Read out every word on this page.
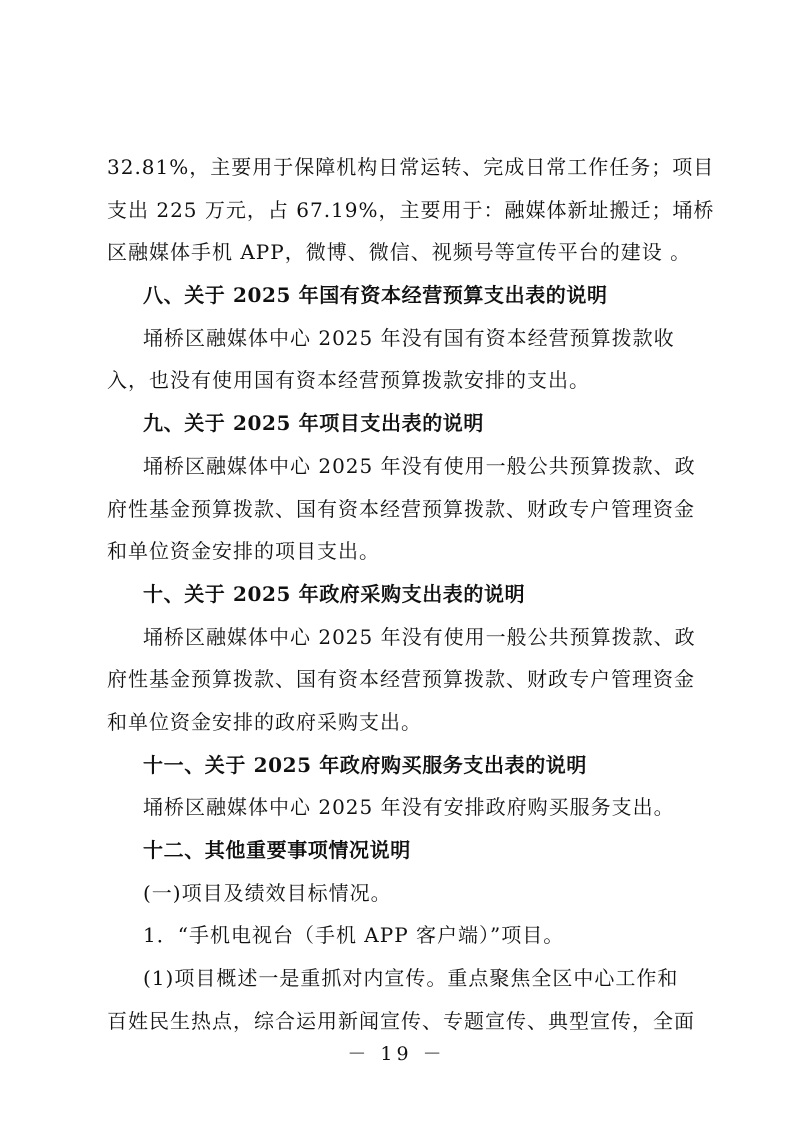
32.81%，主要用于保障机构日常运转、完成日常工作任务；项目
支出 225 万元，占 67.19%，主要用于：融媒体新址搬迁；埇桥
区融媒体手机 APP，微博、微信、视频号等宣传平台的建设 。
八、关于 2025 年国有资本经营预算支出表的说明
埇桥区融媒体中心 2025 年没有国有资本经营预算拨款收
入，也没有使用国有资本经营预算拨款安排的支出。
九、关于 2025 年项目支出表的说明
埇桥区融媒体中心 2025 年没有使用一般公共预算拨款、政
府性基金预算拨款、国有资本经营预算拨款、财政专户管理资金
和单位资金安排的项目支出。
十、关于 2025 年政府采购支出表的说明
埇桥区融媒体中心 2025 年没有使用一般公共预算拨款、政
府性基金预算拨款、国有资本经营预算拨款、财政专户管理资金
和单位资金安排的政府采购支出。
十一、关于 2025 年政府购买服务支出表的说明
埇桥区融媒体中心 2025 年没有安排政府购买服务支出。
十二、其他重要事项情况说明
(一)项目及绩效目标情况。
1．“手机电视台（手机 APP 客户端）”项目。
(1)项目概述一是重抓对内宣传。重点聚焦全区中心工作和
百姓民生热点，综合运用新闻宣传、专题宣传、典型宣传，全面
－ 19 －
